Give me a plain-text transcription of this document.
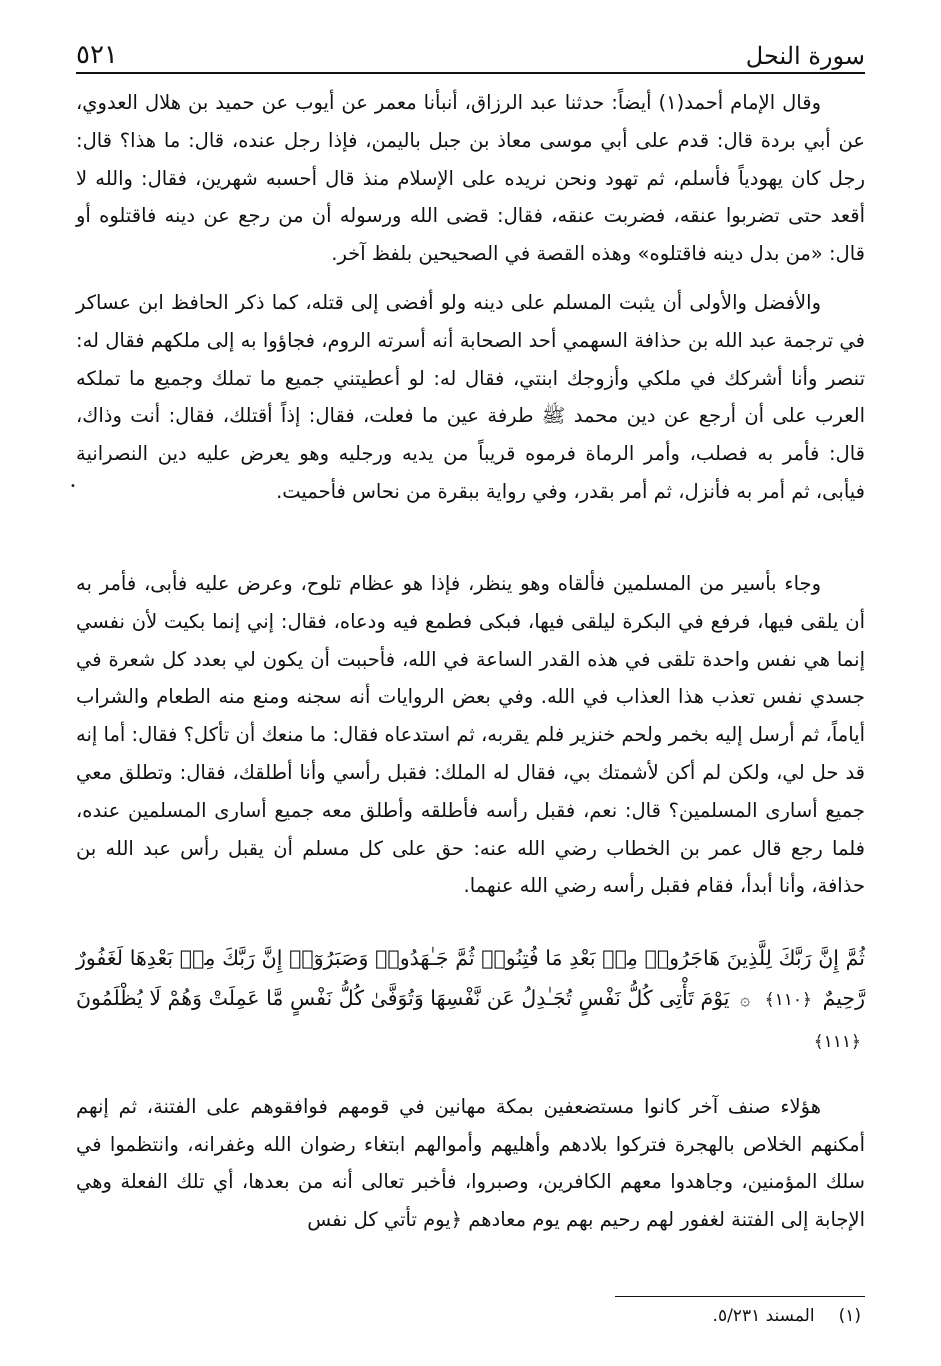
سورة النحل
٥٢١

وقال الإمام أحمد(١) أيضاً: حدثنا عبد الرزاق، أنبأنا معمر عن أيوب عن حميد بن هلال العدوي، عن أبي بردة قال: قدم على أبي موسى معاذ بن جبل باليمن، فإذا رجل عنده، قال: ما هذا؟ قال: رجل كان يهودياً فأسلم، ثم تهود ونحن نريده على الإسلام منذ قال أحسبه شهرين، فقال: والله لا أقعد حتى تضربوا عنقه، فضربت عنقه، فقال: قضى الله ورسوله أن من رجع عن دينه فاقتلوه أو قال: «من بدل دينه فاقتلوه» وهذه القصة في الصحيحين بلفظ آخر.

والأفضل والأولى أن يثبت المسلم على دينه ولو أفضى إلى قتله، كما ذكر الحافظ ابن عساكر في ترجمة عبد الله بن حذافة السهمي أحد الصحابة أنه أسرته الروم، فجاؤوا به إلى ملكهم فقال له: تنصر وأنا أشركك في ملكي وأزوجك ابنتي، فقال له: لو أعطيتني جميع ما تملك وجميع ما تملكه العرب على أن أرجع عن دين محمد ﷺ طرفة عين ما فعلت، فقال: إذاً أقتلك، فقال: أنت وذاك، قال: فأمر به فصلب، وأمر الرماة فرموه قريباً من يديه ورجليه وهو يعرض عليه دين النصرانية فيأبى، ثم أمر به فأنزل، ثم أمر بقدر، وفي رواية ببقرة من نحاس فأحميت.

وجاء بأسير من المسلمين فألقاه وهو ينظر، فإذا هو عظام تلوح، وعرض عليه فأبى، فأمر به أن يلقى فيها، فرفع في البكرة ليلقى فيها، فبكى فطمع فيه ودعاه، فقال: إني إنما بكيت لأن نفسي إنما هي نفس واحدة تلقى في هذه القدر الساعة في الله، فأحببت أن يكون لي بعدد كل شعرة في جسدي نفس تعذب هذا العذاب في الله. وفي بعض الروايات أنه سجنه ومنع منه الطعام والشراب أياماً، ثم أرسل إليه بخمر ولحم خنزير فلم يقربه، ثم استدعاه فقال: ما منعك أن تأكل؟ فقال: أما إنه قد حل لي، ولكن لم أكن لأشمتك بي، فقال له الملك: فقبل رأسي وأنا أطلقك، فقال: وتطلق معي جميع أسارى المسلمين؟ قال: نعم، فقبل رأسه فأطلقه وأطلق معه جميع أسارى المسلمين عنده، فلما رجع قال عمر بن الخطاب رضي الله عنه: حق على كل مسلم أن يقبل رأس عبد الله بن حذافة، وأنا أبدأ، فقام فقبل رأسه رضي الله عنهما.

•
ثُمَّ إِنَّ رَبَّكَ لِلَّذِينَ هَاجَرُوا۟ مِنۢ بَعْدِ مَا فُتِنُوا۟ ثُمَّ جَـٰهَدُوا۟ وَصَبَرُوٓا۟ إِنَّ رَبَّكَ مِنۢ بَعْدِهَا لَغَفُورٌ رَّحِيمٌ ﴿١١٠﴾ ۞ يَوْمَ تَأْتِى كُلُّ نَفْسٍ تُجَـٰدِلُ عَن نَّفْسِهَا وَتُوَفَّىٰ كُلُّ نَفْسٍ مَّا عَمِلَتْ وَهُمْ لَا يُظْلَمُونَ ﴿١١١﴾

هؤلاء صنف آخر كانوا مستضعفين بمكة مهانين في قومهم فوافقوهم على الفتنة، ثم إنهم أمكنهم الخلاص بالهجرة فتركوا بلادهم وأهليهم وأموالهم ابتغاء رضوان الله وغفرانه، وانتظموا في سلك المؤمنين، وجاهدوا معهم الكافرين، وصبروا، فأخبر تعالى أنه من بعدها، أي تلك الفعلة وهي الإجابة إلى الفتنة لغفور لهم رحيم بهم يوم معادهم ﴿يوم تأتي كل نفس

(١)
المسند ٥/٢٣١.
